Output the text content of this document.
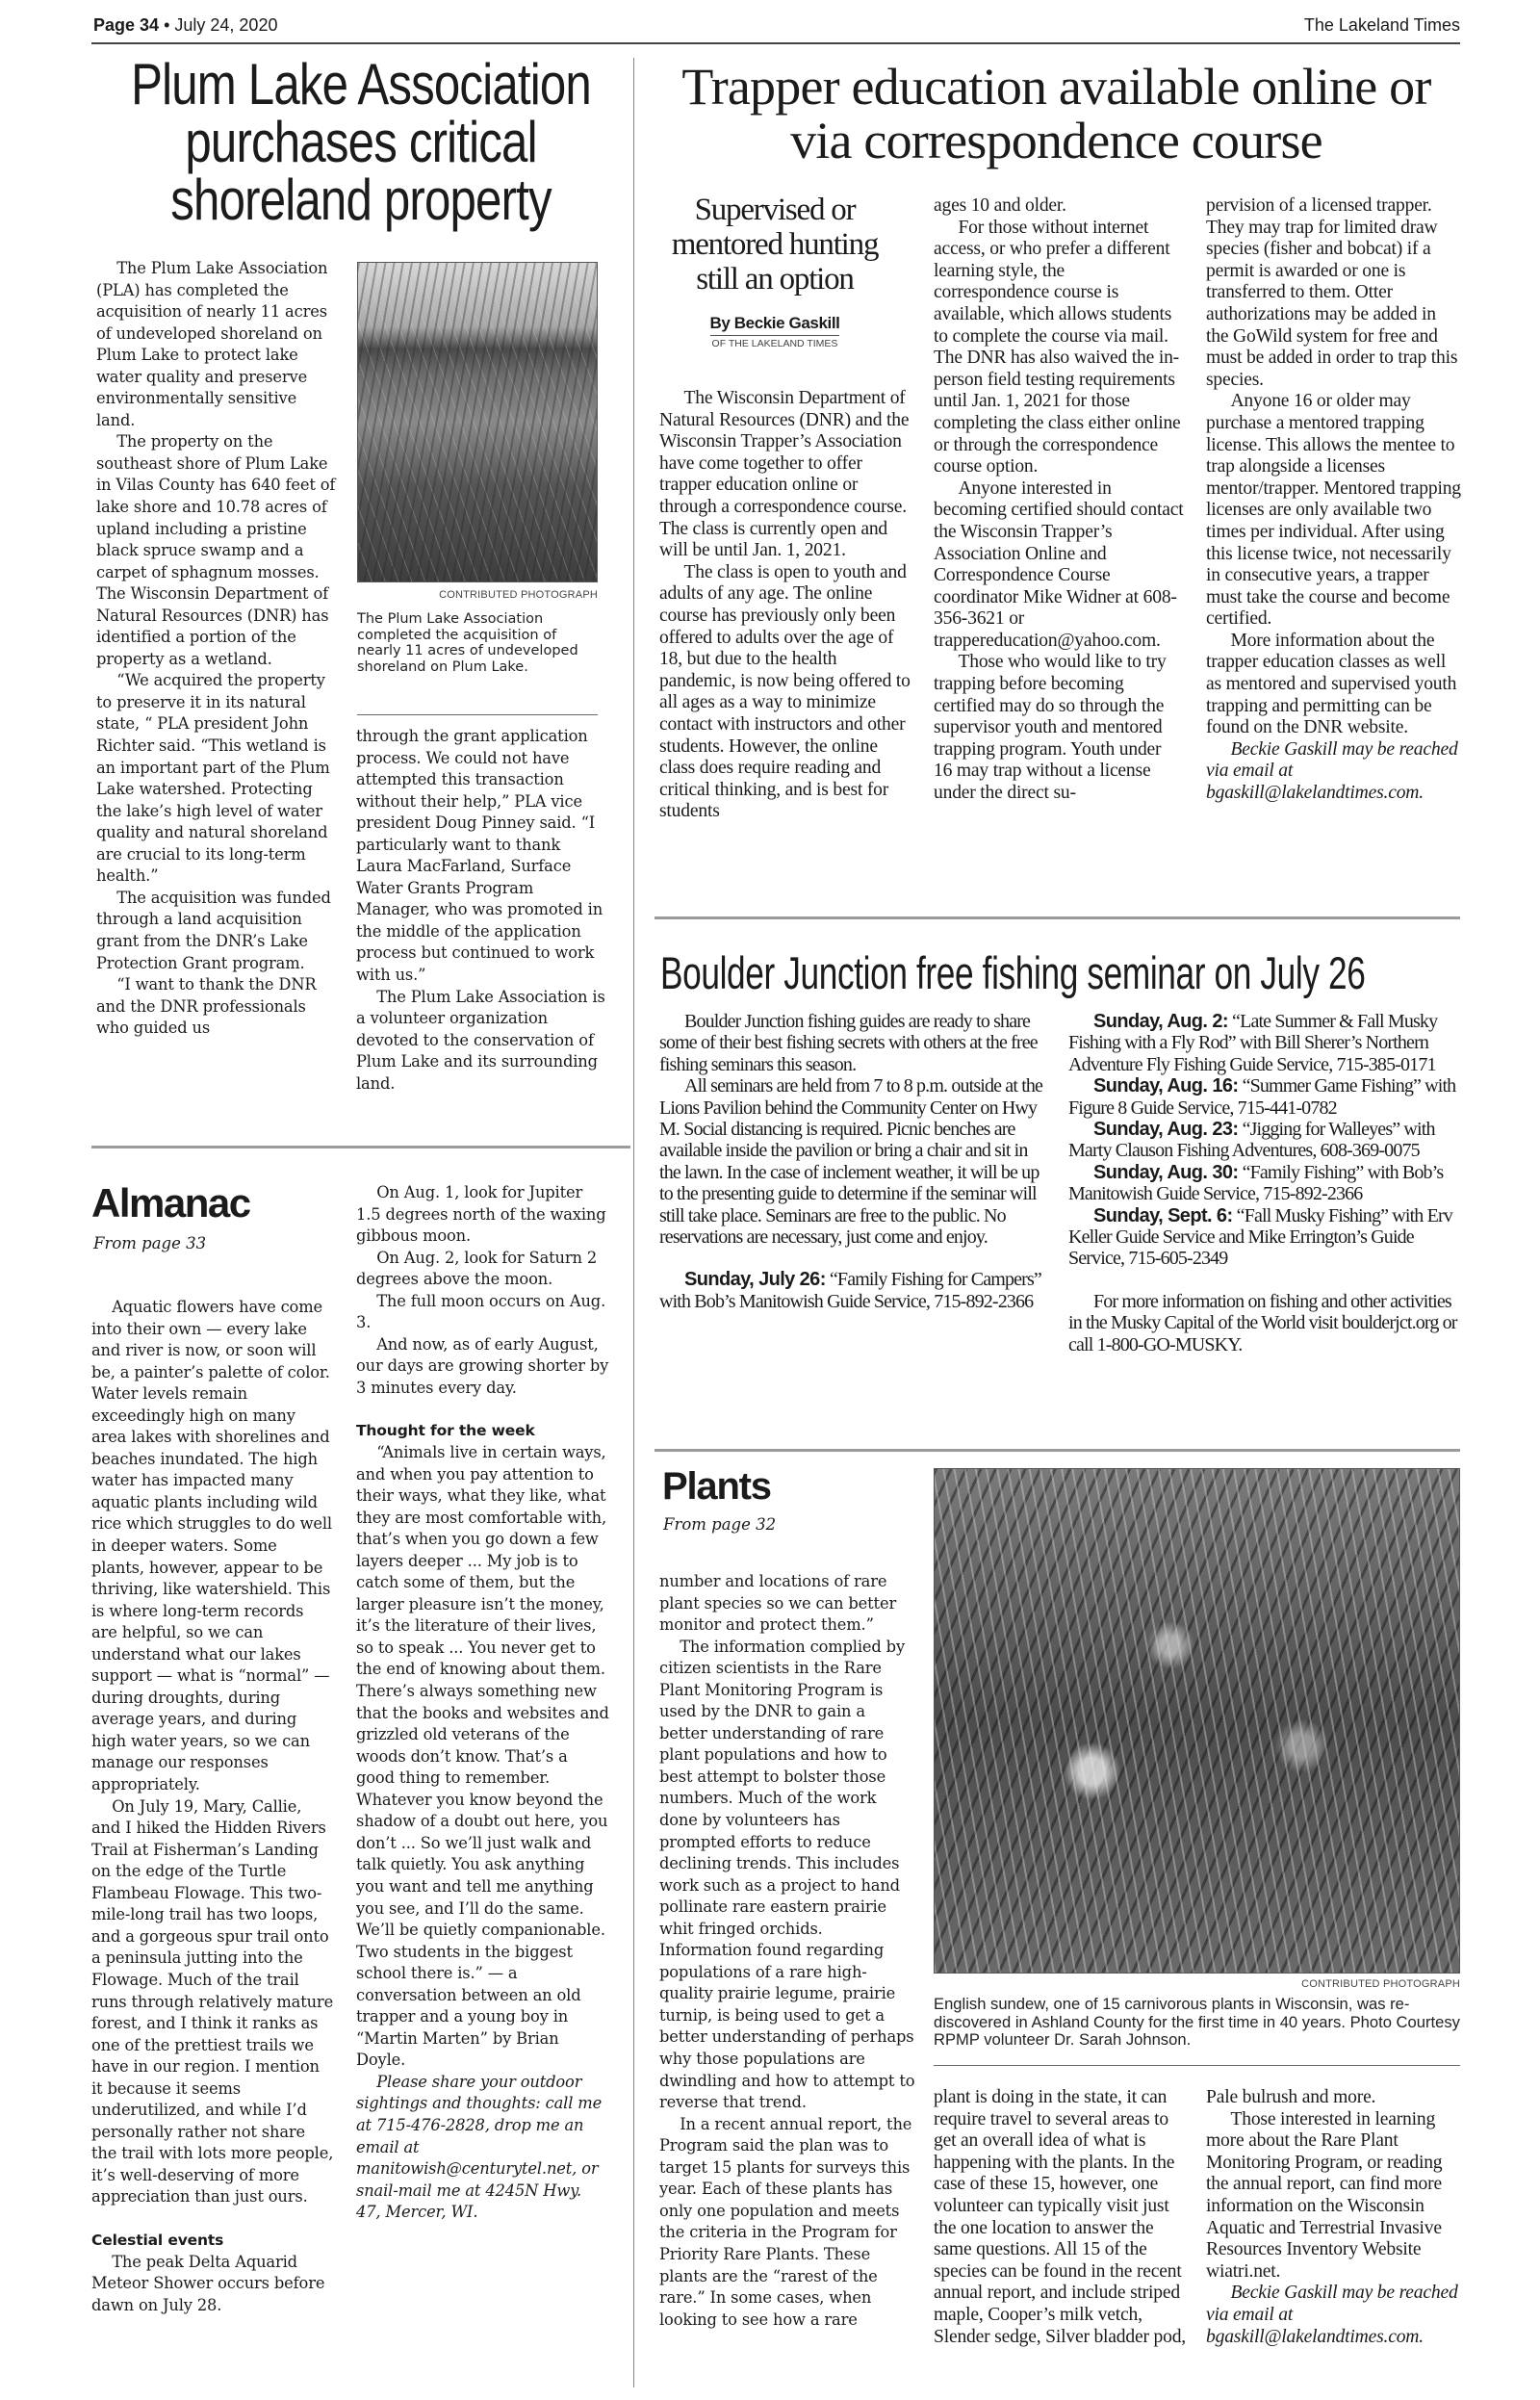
Page 34 • July 24, 2020	The Lakeland Times
Plum Lake Association purchases critical shoreland property

The Plum Lake Association (PLA) has completed the acquisition of nearly 11 acres of undeveloped shoreland on Plum Lake to protect lake water quality and preserve environmentally sensitive land.

The property on the southeast shore of Plum Lake in Vilas County has 640 feet of lake shore and 10.78 acres of upland including a pristine black spruce swamp and a carpet of sphagnum mosses. The Wisconsin Department of Natural Resources (DNR) has identified a portion of the property as a wetland.

“We acquired the property to preserve it in its natural state, “ PLA president John Richter said. “This wetland is an important part of the Plum Lake watershed. Protecting the lake’s high level of water quality and natural shoreland are crucial to its long-term health.”

The acquisition was funded through a land acquisition grant from the DNR’s Lake Protection Grant program.

“I want to thank the DNR and the DNR professionals who guided us

CONTRIBUTED PHOTOGRAPH
The Plum Lake Association completed the acquisition of nearly 11 acres of undeveloped shoreland on Plum Lake.

through the grant application process. We could not have attempted this transaction without their help,” PLA vice president Doug Pinney said. “I particularly want to thank Laura MacFarland, Surface Water Grants Program Manager, who was promoted in the middle of the application process but continued to work with us.”

The Plum Lake Association is a volunteer organization devoted to the conservation of Plum Lake and its surrounding land.

Almanac
From page 33

Aquatic flowers have come into their own — every lake and river is now, or soon will be, a painter’s palette of color. Water levels remain exceedingly high on many area lakes with shorelines and beaches inundated. The high water has impacted many aquatic plants including wild rice which struggles to do well in deeper waters. Some plants, however, appear to be thriving, like watershield. This is where long-term records are helpful, so we can understand what our lakes support — what is “normal” — during droughts, during average years, and during high water years, so we can manage our responses appropriately.

On July 19, Mary, Callie, and I hiked the Hidden Rivers Trail at Fisherman’s Landing on the edge of the Turtle Flambeau Flowage. This two-mile-long trail has two loops, and a gorgeous spur trail onto a peninsula jutting into the Flowage. Much of the trail runs through relatively mature forest, and I think it ranks as one of the prettiest trails we have in our region. I mention it because it seems underutilized, and while I’d personally rather not share the trail with lots more people, it’s well-deserving of more appreciation than just ours.

Celestial events

The peak Delta Aquarid Meteor Shower occurs before dawn on July 28.

On Aug. 1, look for Jupiter 1.5 degrees north of the waxing gibbous moon.

On Aug. 2, look for Saturn 2 degrees above the moon.

The full moon occurs on Aug. 3.

And now, as of early August, our days are growing shorter by 3 minutes every day.

Thought for the week

“Animals live in certain ways, and when you pay attention to their ways, what they like, what they are most comfortable with, that’s when you go down a few layers deeper ... My job is to catch some of them, but the larger pleasure isn’t the money, it’s the literature of their lives, so to speak ... You never get to the end of knowing about them. There’s always something new that the books and websites and grizzled old veterans of the woods don’t know. That’s a good thing to remember. Whatever you know beyond the shadow of a doubt out here, you don’t ... So we’ll just walk and talk quietly. You ask anything you want and tell me anything you see, and I’ll do the same. We’ll be quietly companionable. Two students in the biggest school there is.” — a conversation between an old trapper and a young boy in “Martin Marten” by Brian Doyle.

Please share your outdoor sightings and thoughts: call me at 715-476-2828, drop me an email at manitowish@centurytel.net, or snail-mail me at 4245N Hwy. 47, Mercer, WI.

Trapper education available online or via correspondence course
Supervised or mentored hunting still an option
By Beckie Gaskill
OF THE LAKELAND TIMES

The Wisconsin Department of Natural Resources (DNR) and the Wisconsin Trapper’s Association have come together to offer trapper education online or through a correspondence course. The class is currently open and will be until Jan. 1, 2021.

The class is open to youth and adults of any age. The online course has previously only been offered to adults over the age of 18, but due to the health pandemic, is now being offered to all ages as a way to minimize contact with instructors and other students. However, the online class does require reading and critical thinking, and is best for students

ages 10 and older.

For those without internet access, or who prefer a different learning style, the correspondence course is available, which allows students to complete the course via mail. The DNR has also waived the in-person field testing requirements until Jan. 1, 2021 for those completing the class either online or through the correspondence course option.

Anyone interested in becoming certified should contact the Wisconsin Trapper’s Association Online and Correspondence Course coordinator Mike Widner at 608-356-3621 or trappereducation@yahoo.com.

Those who would like to try trapping before becoming certified may do so through the supervisor youth and mentored trapping program. Youth under 16 may trap without a license under the direct su-

pervision of a licensed trapper. They may trap for limited draw species (fisher and bobcat) if a permit is awarded or one is transferred to them. Otter authorizations may be added in the GoWild system for free and must be added in order to trap this species.

Anyone 16 or older may purchase a mentored trapping license. This allows the mentee to trap alongside a licenses mentor/trapper. Mentored trapping licenses are only available two times per individual. After using this license twice, not necessarily in consecutive years, a trapper must take the course and become certified.

More information about the trapper education classes as well as mentored and supervised youth trapping and permitting can be found on the DNR website.

Beckie Gaskill may be reached via email at bgaskill@lakelandtimes.com.

Boulder Junction free fishing seminar on July 26

Boulder Junction fishing guides are ready to share some of their best fishing secrets with others at the free fishing seminars this season.

All seminars are held from 7 to 8 p.m. outside at the Lions Pavilion behind the Community Center on Hwy M. Social distancing is required. Picnic benches are available inside the pavilion or bring a chair and sit in the lawn. In the case of inclement weather, it will be up to the presenting guide to determine if the seminar will still take place. Seminars are free to the public. No reservations are necessary, just come and enjoy.

Sunday, July 26: “Family Fishing for Campers” with Bob’s Manitowish Guide Service, 715-892-2366

Sunday, Aug. 2: “Late Summer & Fall Musky Fishing with a Fly Rod” with Bill Sherer’s Northern Adventure Fly Fishing Guide Service, 715-385-0171

Sunday, Aug. 16: “Summer Game Fishing” with Figure 8 Guide Service, 715-441-0782

Sunday, Aug. 23: “Jigging for Walleyes” with Marty Clauson Fishing Adventures, 608-369-0075

Sunday, Aug. 30: “Family Fishing” with Bob’s Manitowish Guide Service, 715-892-2366

Sunday, Sept. 6: “Fall Musky Fishing” with Erv Keller Guide Service and Mike Errington’s Guide Service, 715-605-2349

For more information on fishing and other activities in the Musky Capital of the World visit boulderjct.org or call 1-800-GO-MUSKY.

Plants
From page 32
CONTRIBUTED PHOTOGRAPH
English sundew, one of 15 carnivorous plants in Wisconsin, was re-discovered in Ashland County for the first time in 40 years. Photo Courtesy RPMP volunteer Dr. Sarah Johnson.

number and locations of rare plant species so we can better monitor and protect them.”

The information complied by citizen scientists in the Rare Plant Monitoring Program is used by the DNR to gain a better understanding of rare plant populations and how to best attempt to bolster those numbers. Much of the work done by volunteers has prompted efforts to reduce declining trends. This includes work such as a project to hand pollinate rare eastern prairie whit fringed orchids. Information found regarding populations of a rare high-quality prairie legume, prairie turnip, is being used to get a better understanding of perhaps why those populations are dwindling and how to attempt to reverse that trend.

In a recent annual report, the Program said the plan was to target 15 plants for surveys this year. Each of these plants has only one population and meets the criteria in the Program for Priority Rare Plants. These plants are the “rarest of the rare.” In some cases, when looking to see how a rare

plant is doing in the state, it can require travel to several areas to get an overall idea of what is happening with the plants. In the case of these 15, however, one volunteer can typically visit just the one location to answer the same questions. All 15 of the species can be found in the recent annual report, and include striped maple, Cooper’s milk vetch, Slender sedge, Silver bladder pod,

Pale bulrush and more.

Those interested in learning more about the Rare Plant Monitoring Program, or reading the annual report, can find more information on the Wisconsin Aquatic and Terrestrial Invasive Resources Inventory Website wiatri.net.

Beckie Gaskill may be reached via email at bgaskill@lakelandtimes.com.
